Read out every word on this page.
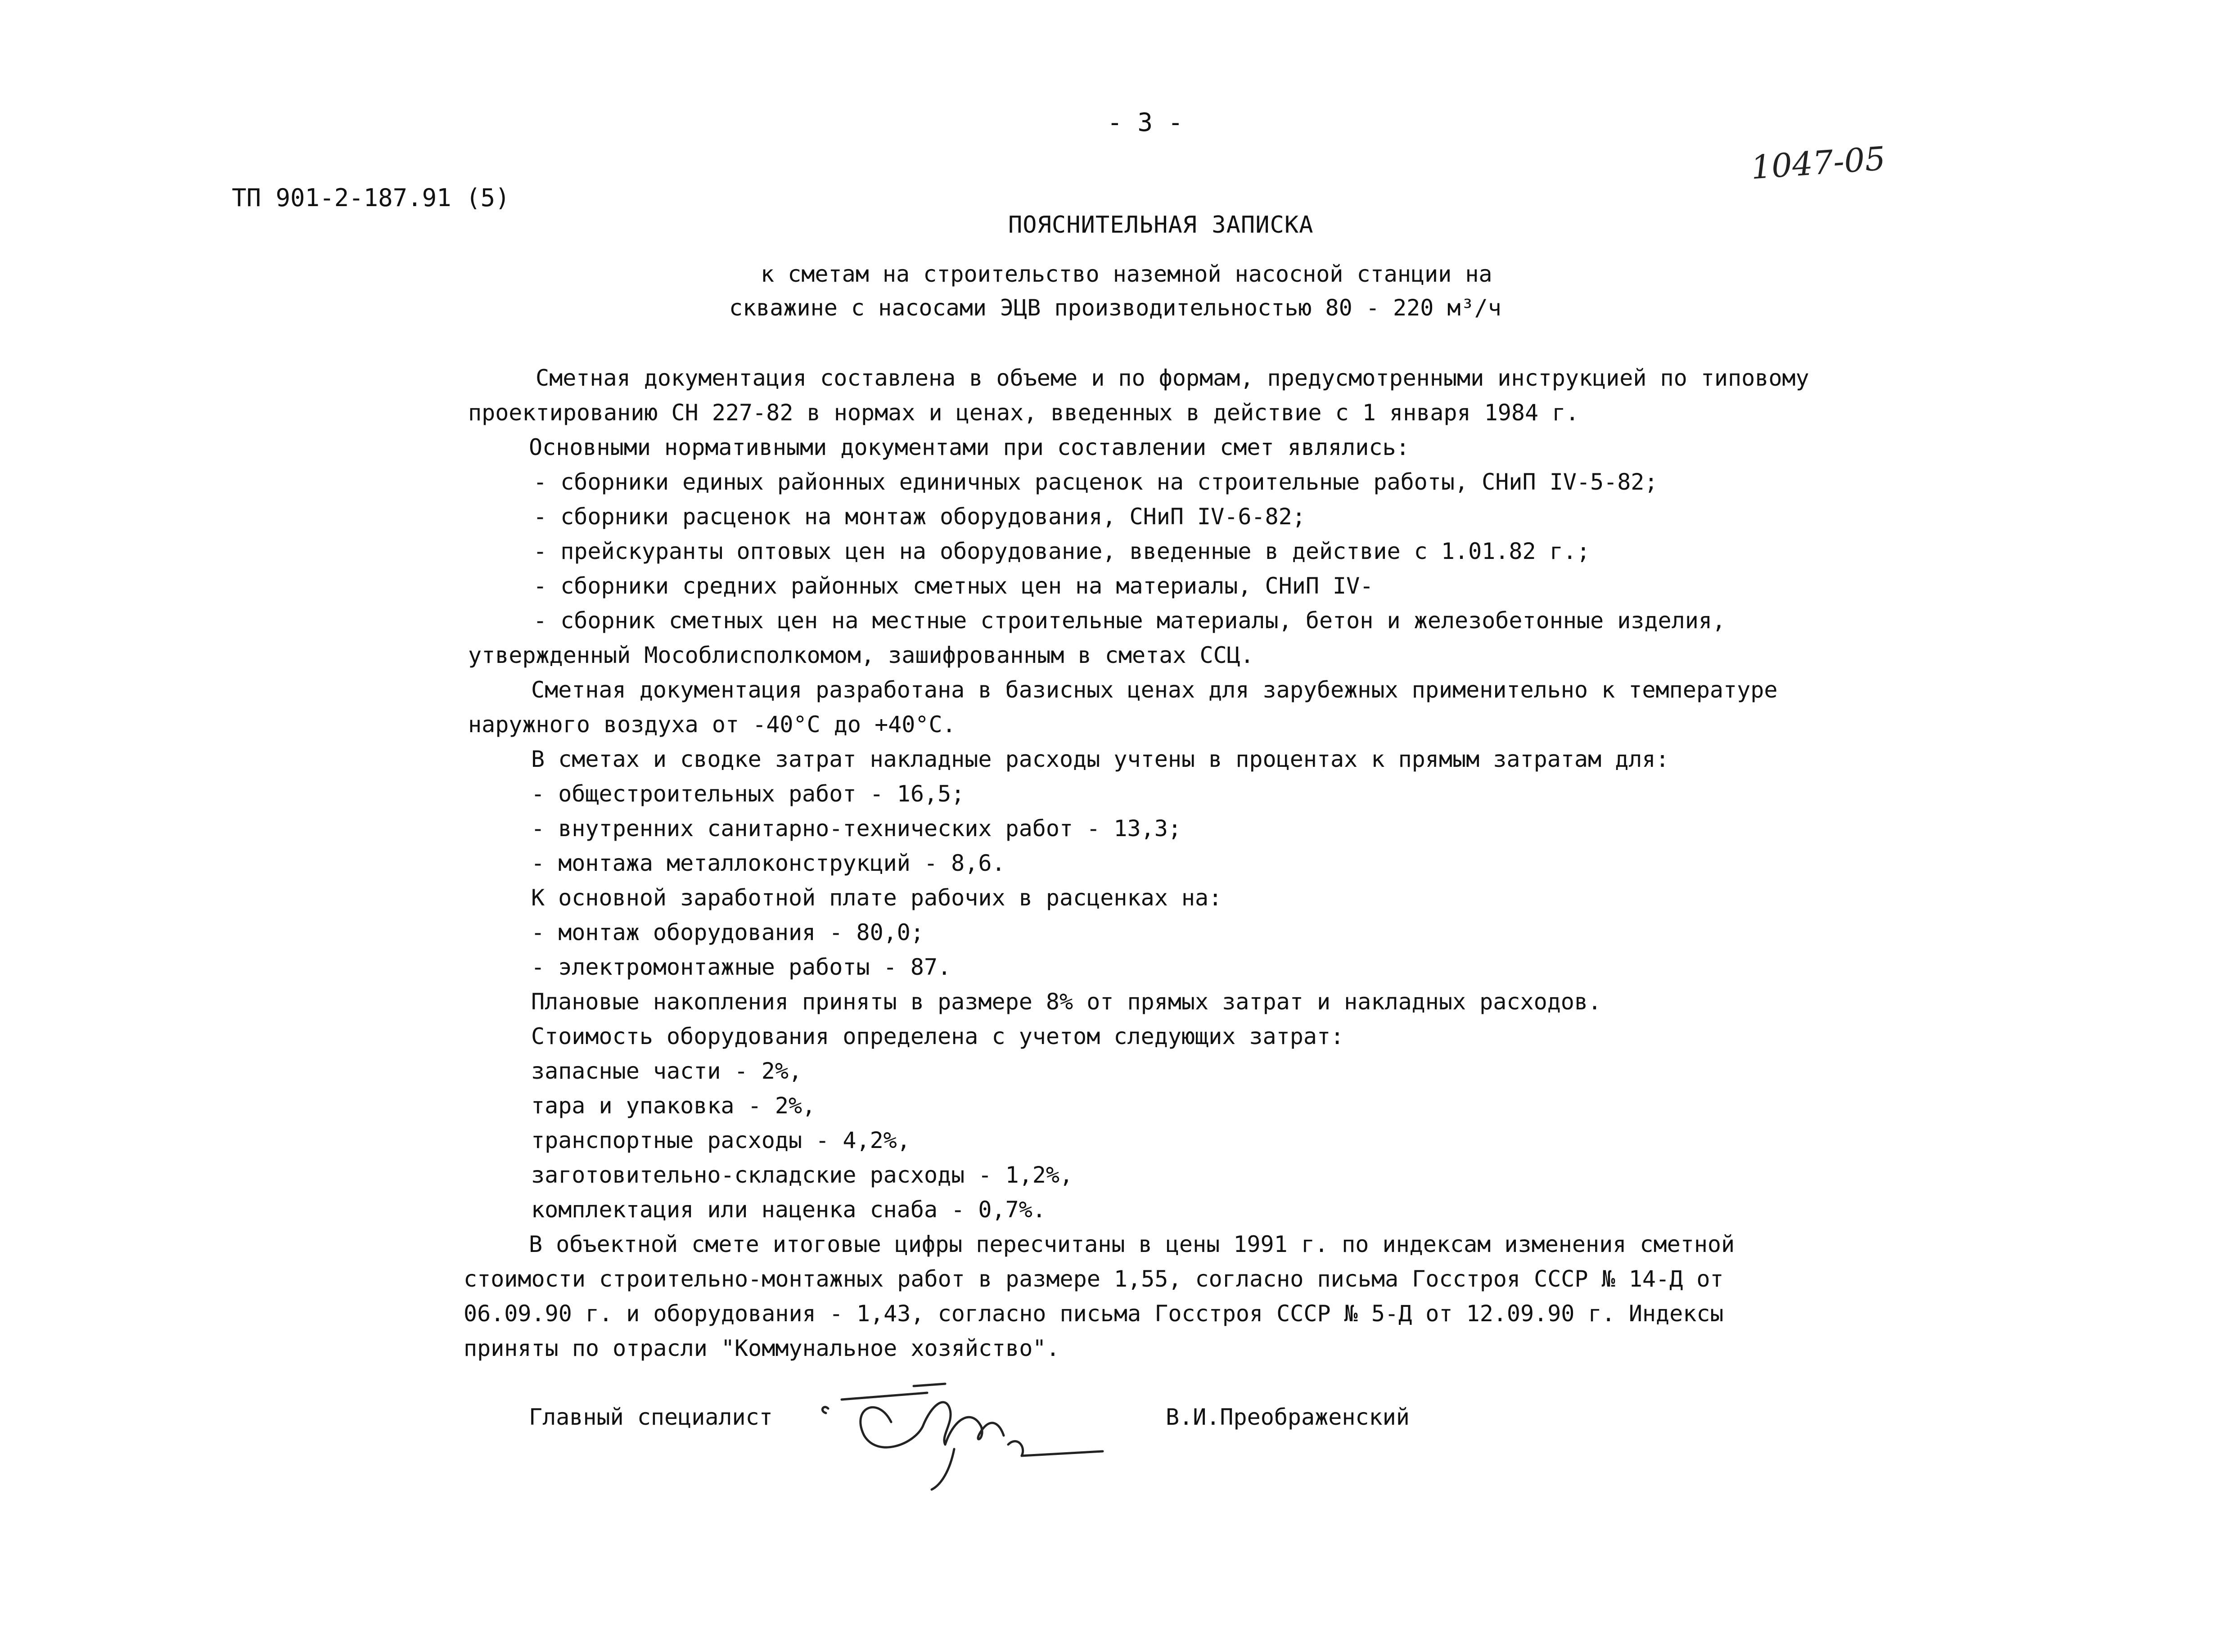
- 3 -
ТП 901-2-187.91 (5)
1047-05
ПОЯСНИТЕЛЬНАЯ ЗАПИСКА
к сметам на строительство наземной насосной станции на
скважине с насосами ЭЦВ производительностью 80 - 220 м³/ч
Сметная документация составлена в объеме и по формам, предусмотренными инструкцией по типовому
проектированию СН 227-82 в нормах и ценах, введенных в действие с 1 января 1984 г.
Основными нормативными документами при составлении смет являлись:
- сборники единых районных единичных расценок на строительные работы, СНиП IV-5-82;
- сборники расценок на монтаж оборудования, СНиП IV-6-82;
- прейскуранты оптовых цен на оборудование, введенные в действие с 1.01.82 г.;
- сборники средних районных сметных цен на материалы, СНиП IV-
- сборник сметных цен на местные строительные материалы, бетон и железобетонные изделия,
утвержденный Мособлисполкомом, зашифрованным в сметах ССЦ.
Сметная документация разработана в базисных ценах для зарубежных применительно к температуре
наружного воздуха от -40°С до +40°С.
В сметах и сводке затрат накладные расходы учтены в процентах к прямым затратам для:
- общестроительных работ - 16,5;
- внутренних санитарно-технических работ - 13,3;
- монтажа металлоконструкций - 8,6.
К основной заработной плате рабочих в расценках на:
- монтаж оборудования - 80,0;
- электромонтажные работы - 87.
Плановые накопления приняты в размере 8% от прямых затрат и накладных расходов.
Стоимость оборудования определена с учетом следующих затрат:
запасные части - 2%,
тара и упаковка - 2%,
транспортные расходы - 4,2%,
заготовительно-складские расходы - 1,2%,
комплектация или наценка снаба - 0,7%.
В объектной смете итоговые цифры пересчитаны в цены 1991 г. по индексам изменения сметной
стоимости строительно-монтажных работ в размере 1,55, согласно письма Госстроя СССР № 14-Д от
06.09.90 г. и оборудования - 1,43, согласно письма Госстроя СССР № 5-Д от 12.09.90 г. Индексы
приняты по отрасли "Коммунальное хозяйство".
Главный специалист	В.И.Преображенский
